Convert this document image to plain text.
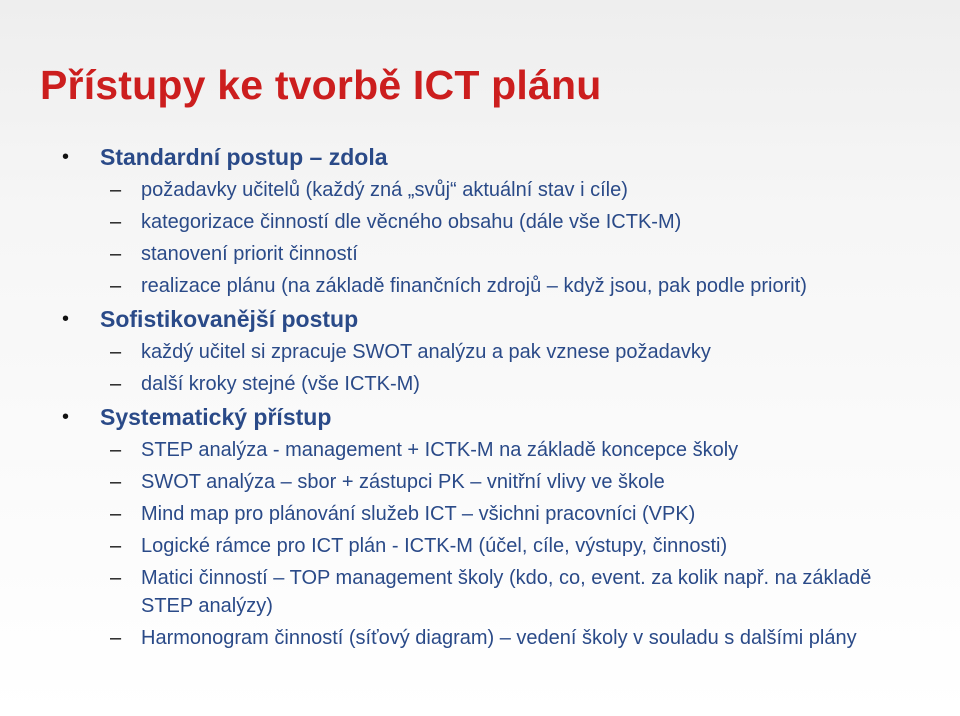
Přístupy ke tvorbě ICT plánu
• Standardní postup – zdola
– požadavky učitelů (každý zná „svůj“ aktuální stav i cíle)
– kategorizace činností dle věcného obsahu (dále vše ICTK-M)
– stanovení priorit činností
– realizace plánu (na základě finančních zdrojů – když jsou, pak podle priorit)
• Sofistikovanější postup
– každý učitel si zpracuje SWOT analýzu a pak vznese požadavky
– další kroky stejné (vše ICTK-M)
• Systematický přístup
– STEP analýza - management + ICTK-M na základě koncepce školy
– SWOT analýza – sbor + zástupci PK – vnitřní vlivy ve škole
– Mind map pro plánování služeb ICT – všichni pracovníci (VPK)
– Logické rámce pro ICT plán - ICTK-M (účel, cíle, výstupy, činnosti)
– Matici činností – TOP management školy (kdo, co, event. za kolik např. na základě STEP analýzy)
– Harmonogram činností (síťový diagram) – vedení školy v souladu s dalšími plány
